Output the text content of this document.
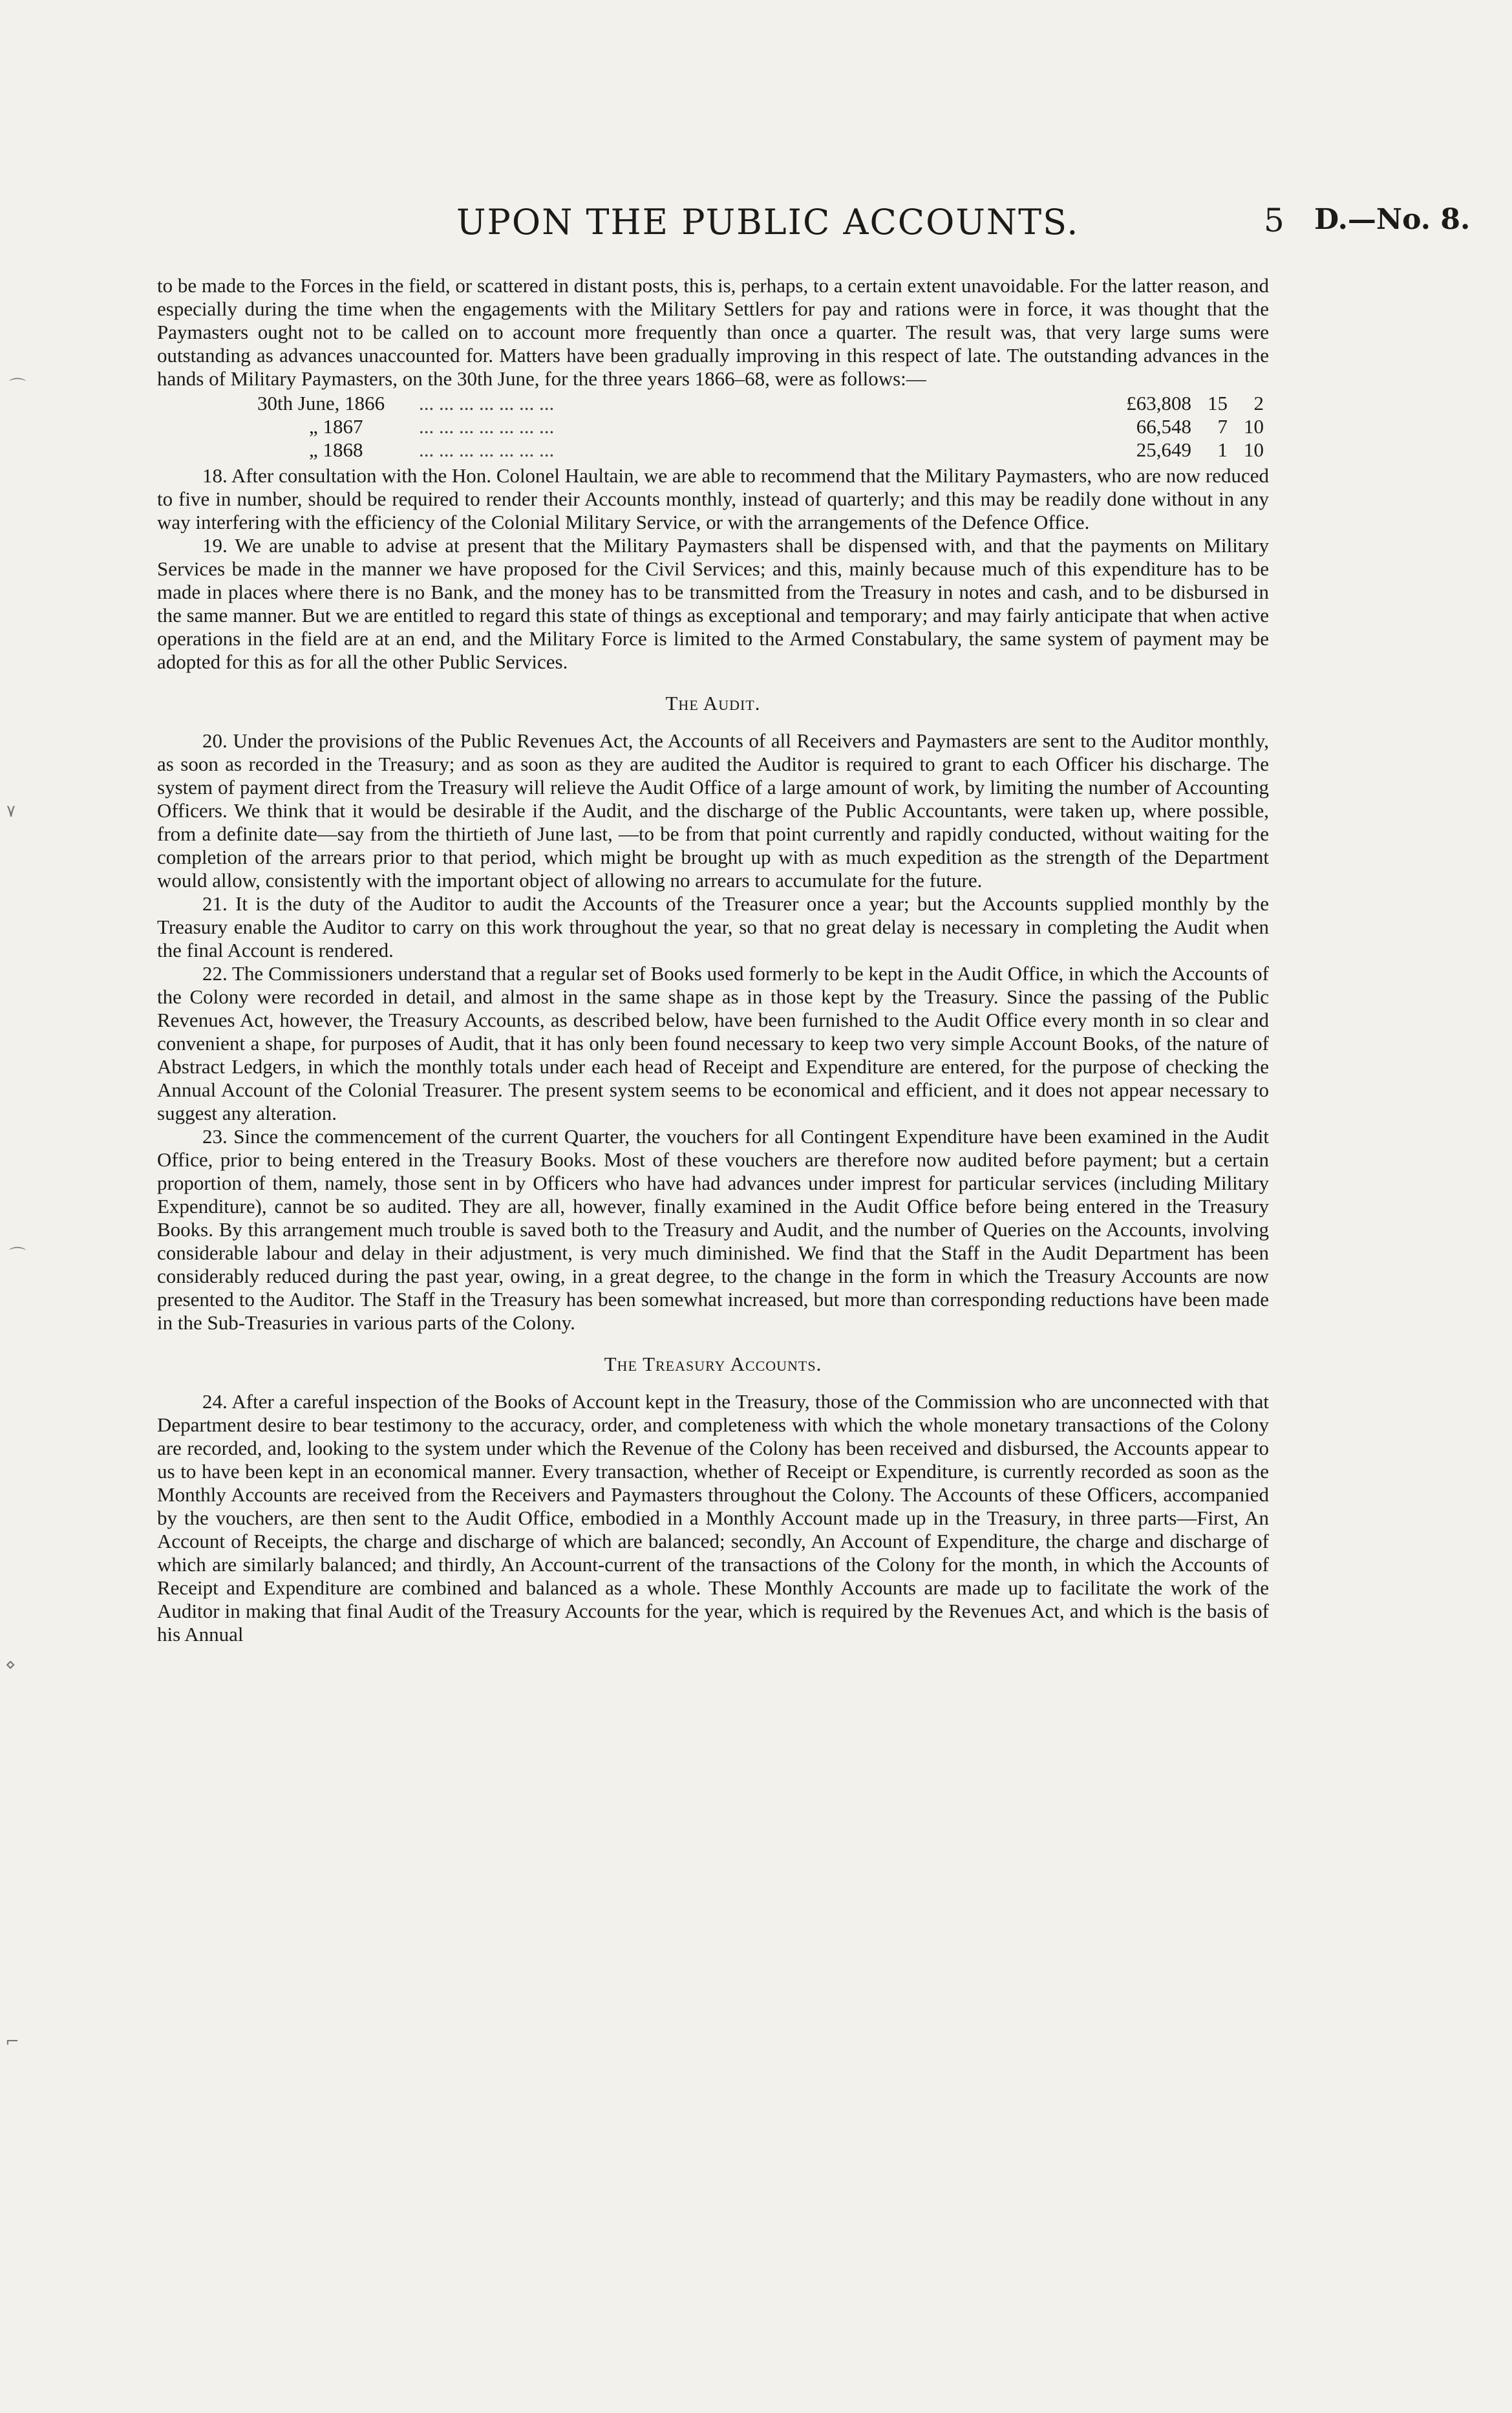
UPON THE PUBLIC ACCOUNTS.	5 D.—No. 8.
⌒
٧
⌒
⋄
⌐

to be made to the Forces in the field, or scattered in distant posts, this is, perhaps, to a certain extent unavoidable. For the latter reason, and especially during the time when the engagements with the Military Settlers for pay and rations were in force, it was thought that the Paymasters ought not to be called on to account more frequently than once a quarter. The result was, that very large sums were outstanding as advances unaccounted for. Matters have been gradually improving in this respect of late. The outstanding advances in the hands of Military Paymasters, on the 30th June, for the three years 1866–68, were as follows:—

30th June, 1866	... ... ... ... ... ... ...	£63,808	15	2
„ 1867	... ... ... ... ... ... ...	66,548	7	10
„ 1868	... ... ... ... ... ... ...	25,649	1	10

18. After consultation with the Hon. Colonel Haultain, we are able to recommend that the Military Paymasters, who are now reduced to five in number, should be required to render their Accounts monthly, instead of quarterly; and this may be readily done without in any way interfering with the efficiency of the Colonial Military Service, or with the arrangements of the Defence Office.

19. We are unable to advise at present that the Military Paymasters shall be dispensed with, and that the payments on Military Services be made in the manner we have proposed for the Civil Services; and this, mainly because much of this expenditure has to be made in places where there is no Bank, and the money has to be transmitted from the Treasury in notes and cash, and to be disbursed in the same manner. But we are entitled to regard this state of things as exceptional and temporary; and may fairly anticipate that when active operations in the field are at an end, and the Military Force is limited to the Armed Constabulary, the same system of payment may be adopted for this as for all the other Public Services.

The Audit.

20. Under the provisions of the Public Revenues Act, the Accounts of all Receivers and Paymasters are sent to the Auditor monthly, as soon as recorded in the Treasury; and as soon as they are audited the Auditor is required to grant to each Officer his discharge. The system of payment direct from the Treasury will relieve the Audit Office of a large amount of work, by limiting the number of Accounting Officers. We think that it would be desirable if the Audit, and the discharge of the Public Accountants, were taken up, where possible, from a definite date—say from the thirtieth of June last, —to be from that point currently and rapidly conducted, without waiting for the completion of the arrears prior to that period, which might be brought up with as much expedition as the strength of the Department would allow, consistently with the important object of allowing no arrears to accumulate for the future.

21. It is the duty of the Auditor to audit the Accounts of the Treasurer once a year; but the Accounts supplied monthly by the Treasury enable the Auditor to carry on this work throughout the year, so that no great delay is necessary in completing the Audit when the final Account is rendered.

22. The Commissioners understand that a regular set of Books used formerly to be kept in the Audit Office, in which the Accounts of the Colony were recorded in detail, and almost in the same shape as in those kept by the Treasury. Since the passing of the Public Revenues Act, however, the Treasury Accounts, as described below, have been furnished to the Audit Office every month in so clear and convenient a shape, for purposes of Audit, that it has only been found necessary to keep two very simple Account Books, of the nature of Abstract Ledgers, in which the monthly totals under each head of Receipt and Expenditure are entered, for the purpose of checking the Annual Account of the Colonial Treasurer. The present system seems to be economical and efficient, and it does not appear necessary to suggest any alteration.

23. Since the commencement of the current Quarter, the vouchers for all Contingent Expenditure have been examined in the Audit Office, prior to being entered in the Treasury Books. Most of these vouchers are therefore now audited before payment; but a certain proportion of them, namely, those sent in by Officers who have had advances under imprest for particular services (including Military Expenditure), cannot be so audited. They are all, however, finally examined in the Audit Office before being entered in the Treasury Books. By this arrangement much trouble is saved both to the Treasury and Audit, and the number of Queries on the Accounts, involving considerable labour and delay in their adjustment, is very much diminished. We find that the Staff in the Audit Department has been considerably reduced during the past year, owing, in a great degree, to the change in the form in which the Treasury Accounts are now presented to the Auditor. The Staff in the Treasury has been somewhat increased, but more than corresponding reductions have been made in the Sub-Treasuries in various parts of the Colony.

The Treasury Accounts.

24. After a careful inspection of the Books of Account kept in the Treasury, those of the Commission who are unconnected with that Department desire to bear testimony to the accuracy, order, and completeness with which the whole monetary transactions of the Colony are recorded, and, looking to the system under which the Revenue of the Colony has been received and disbursed, the Accounts appear to us to have been kept in an economical manner. Every transaction, whether of Receipt or Expenditure, is currently recorded as soon as the Monthly Accounts are received from the Receivers and Paymasters throughout the Colony. The Accounts of these Officers, accompanied by the vouchers, are then sent to the Audit Office, embodied in a Monthly Account made up in the Treasury, in three parts—First, An Account of Receipts, the charge and discharge of which are balanced; secondly, An Account of Expenditure, the charge and discharge of which are similarly balanced; and thirdly, An Account-current of the transactions of the Colony for the month, in which the Accounts of Receipt and Expenditure are combined and balanced as a whole. These Monthly Accounts are made up to facilitate the work of the Auditor in making that final Audit of the Treasury Accounts for the year, which is required by the Revenues Act, and which is the basis of his Annual
